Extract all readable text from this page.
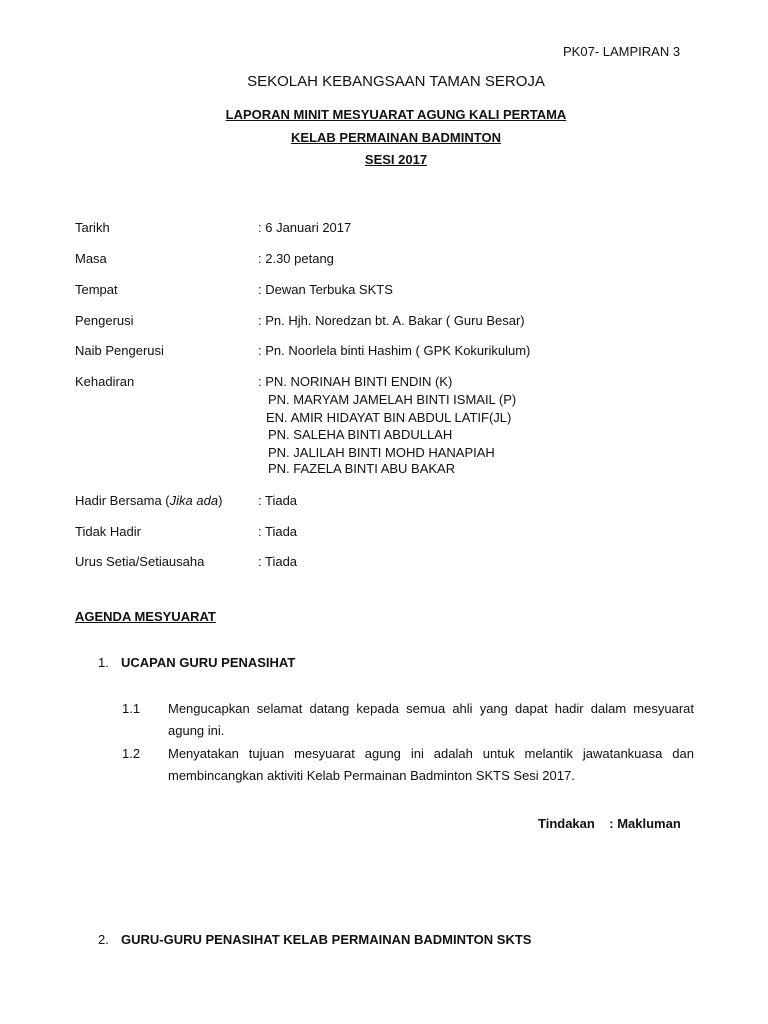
PK07- LAMPIRAN 3
SEKOLAH KEBANGSAAN TAMAN SEROJA
LAPORAN MINIT MESYUARAT AGUNG KALI PERTAMA
KELAB PERMAINAN BADMINTON
SESI 2017
Tarikh	: 6 Januari 2017
Masa	: 2.30 petang
Tempat	: Dewan Terbuka SKTS
Pengerusi	: Pn. Hjh. Noredzan bt. A. Bakar ( Guru Besar)
Naib Pengerusi	: Pn. Noorlela binti Hashim ( GPK Kokurikulum)
Kehadiran	: PN. NORINAH BINTI ENDIN (K)
PN. MARYAM JAMELAH BINTI ISMAIL (P)
EN. AMIR HIDAYAT BIN ABDUL LATIF(JL)
PN. SALEHA BINTI ABDULLAH
PN. JALILAH BINTI MOHD HANAPIAH
PN. FAZELA BINTI ABU BAKAR
Hadir Bersama (Jika ada)	: Tiada
Tidak Hadir	: Tiada
Urus Setia/Setiausaha	: Tiada
AGENDA MESYUARAT
1. UCAPAN GURU PENASIHAT
1.1 Mengucapkan selamat datang kepada semua ahli yang dapat hadir dalam mesyuarat agung ini.
1.2 Menyatakan tujuan mesyuarat agung ini adalah untuk melantik jawatankuasa dan membincangkan aktiviti Kelab Permainan Badminton SKTS Sesi 2017.
Tindakan    : Makluman
2. GURU-GURU PENASIHAT KELAB PERMAINAN BADMINTON SKTS
